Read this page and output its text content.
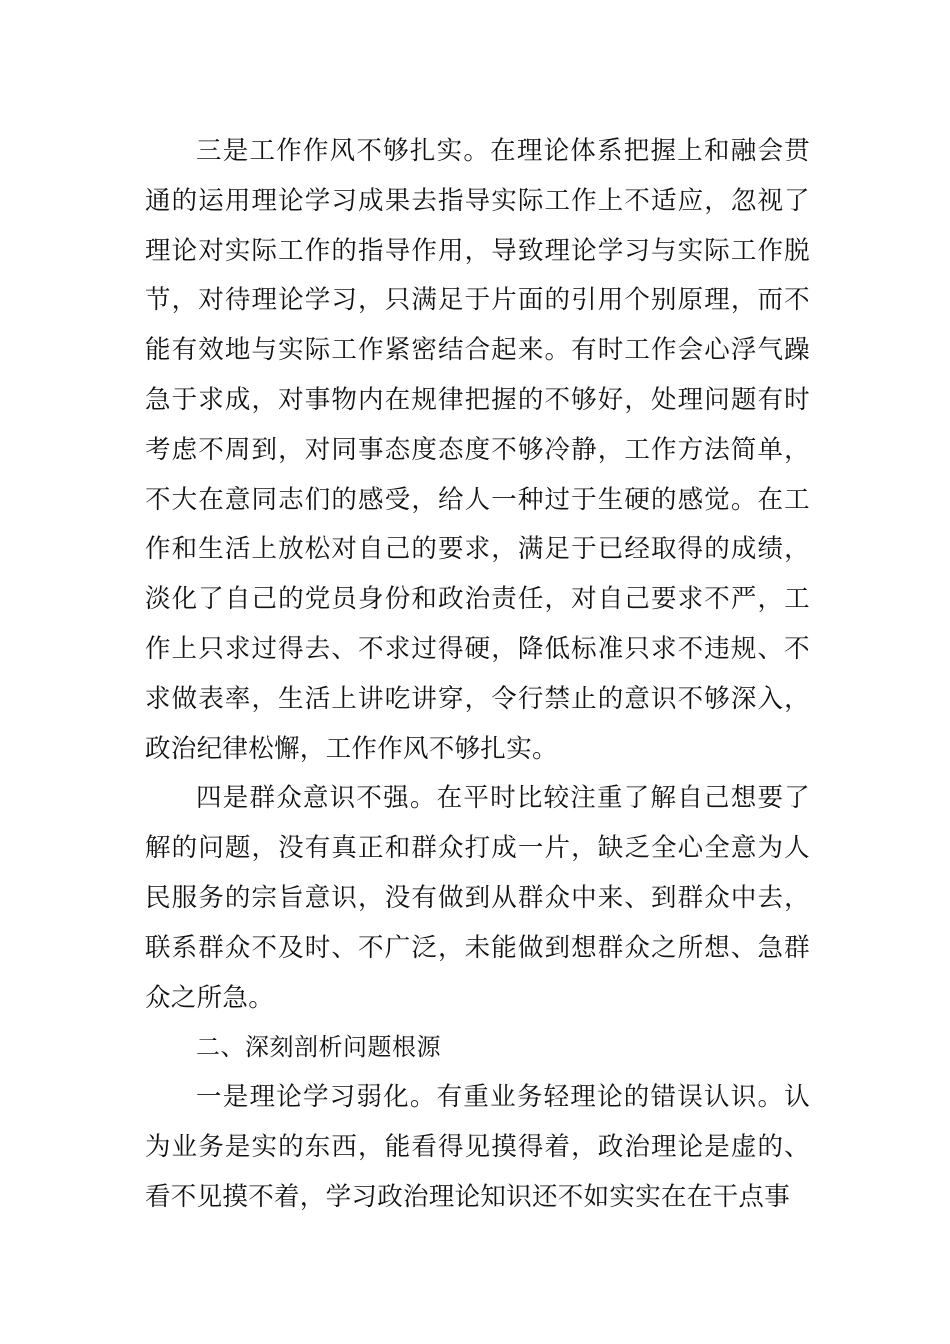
三是工作作风不够扎实。在理论体系把握上和融会贯通的运用理论学习成果去指导实际工作上不适应，忽视了理论对实际工作的指导作用，导致理论学习与实际工作脱节，对待理论学习，只满足于片面的引用个别原理，而不能有效地与实际工作紧密结合起来。有时工作会心浮气躁急于求成，对事物内在规律把握的不够好，处理问题有时考虑不周到，对同事态度态度不够冷静，工作方法简单，不大在意同志们的感受，给人一种过于生硬的感觉。在工作和生活上放松对自己的要求，满足于已经取得的成绩，淡化了自己的党员身份和政治责任，对自己要求不严，工作上只求过得去、不求过得硬，降低标准只求不违规、不求做表率，生活上讲吃讲穿，令行禁止的意识不够深入，政治纪律松懈，工作作风不够扎实。

四是群众意识不强。在平时比较注重了解自己想要了解的问题，没有真正和群众打成一片，缺乏全心全意为人民服务的宗旨意识，没有做到从群众中来、到群众中去，联系群众不及时、不广泛，未能做到想群众之所想、急群众之所急。

二、深刻剖析问题根源

一是理论学习弱化。有重业务轻理论的错误认识。认为业务是实的东西，能看得见摸得着，政治理论是虚的、看不见摸不着，学习政治理论知识还不如实实在在干点事
